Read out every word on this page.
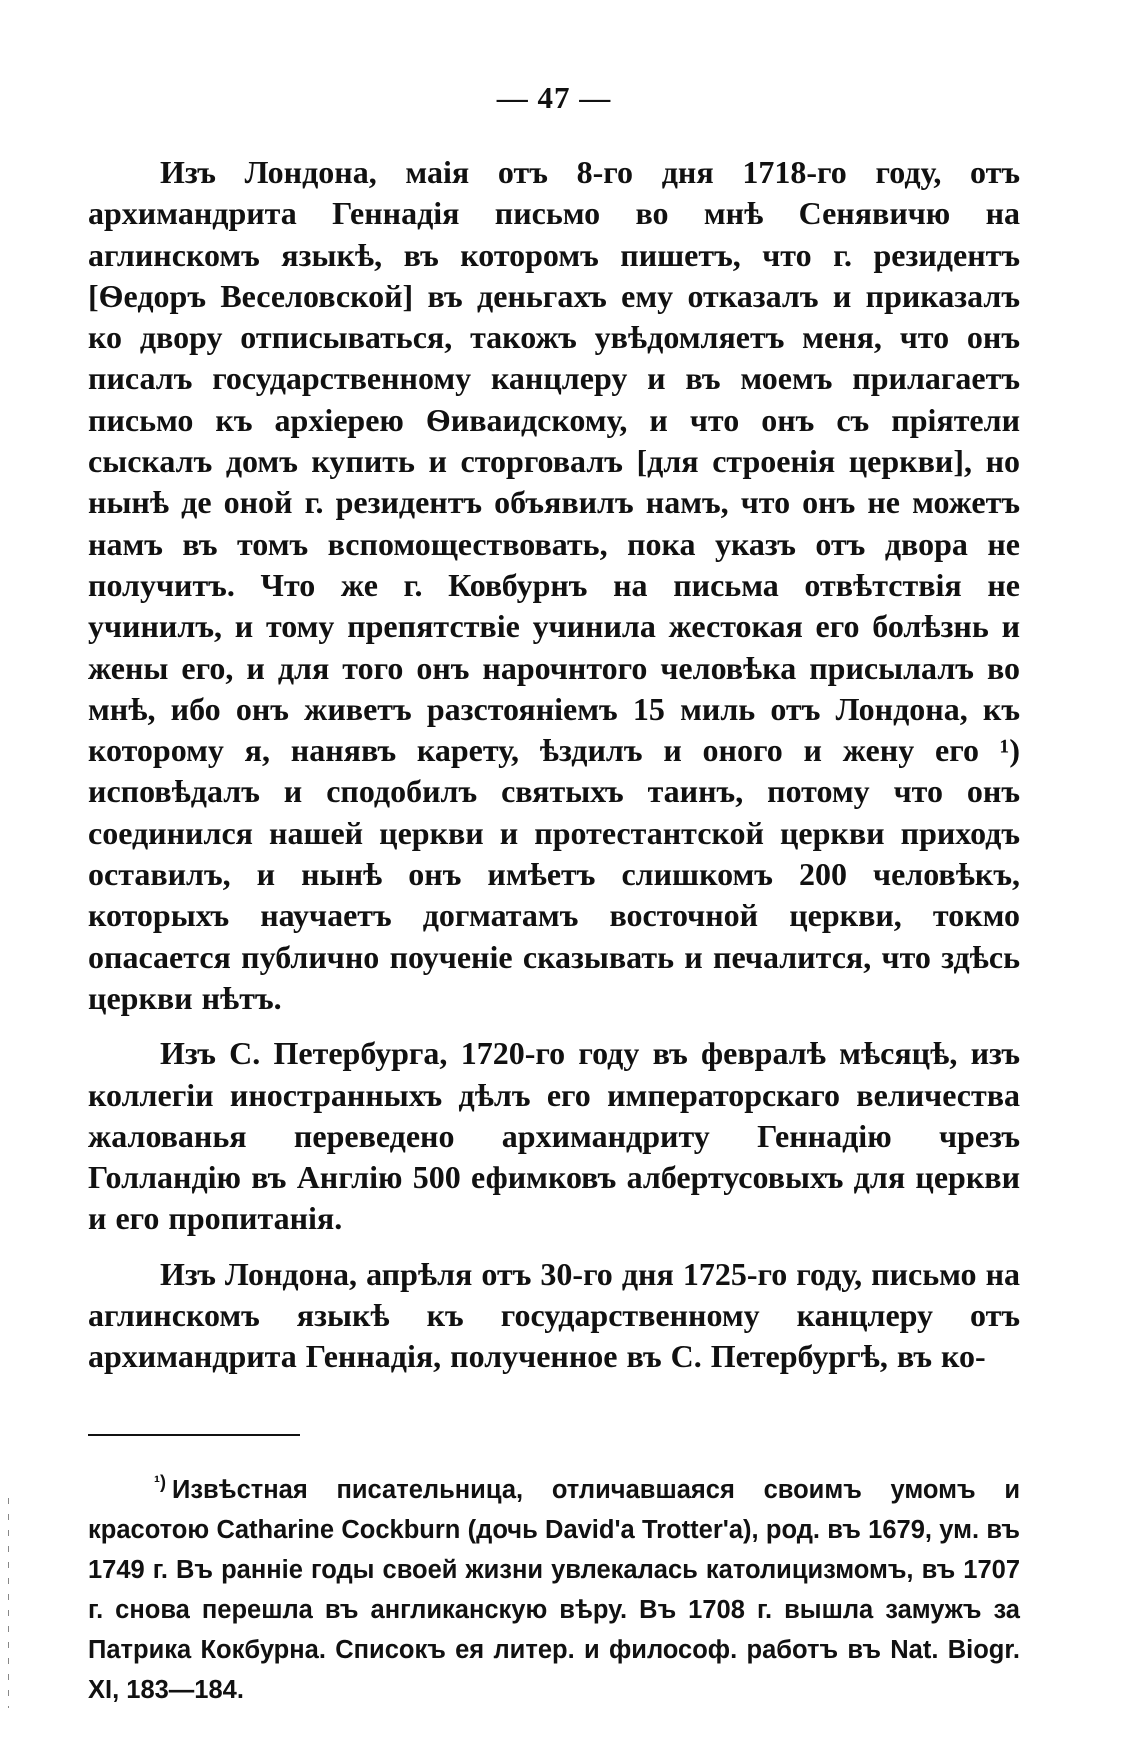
— 47 —

Изъ Лондона, маія отъ 8-го дня 1718-го году, отъ архимандрита Геннадія письмо во мнѣ Сенявичю на аглинскомъ языкѣ, въ которомъ пишетъ, что г. резидентъ [Ѳедоръ Веселовской] въ деньгахъ ему отказалъ и приказалъ ко двору отписываться, такожъ увѣдомляетъ меня, что онъ писалъ государственному канцлеру и въ моемъ прилагаетъ письмо къ архіерею Ѳиваидскому, и что онъ съ пріятели сыскалъ домъ купить и сторговалъ [для строенія церкви], но нынѣ де оной г. резидентъ объявилъ намъ, что онъ не можетъ намъ въ томъ вспомоществовать, пока указъ отъ двора не получитъ. Что же г. Ковбурнъ на письма отвѣтствія не учинилъ, и тому препятствіе учинила жестокая его болѣзнь и жены его, и для того онъ нарочнтого человѣка присылалъ во мнѣ, ибо онъ живетъ разстояніемъ 15 миль отъ Лондона, къ которому я, нанявъ карету, ѣздилъ и оного и жену его ¹) исповѣдалъ и сподобилъ святыхъ таинъ, потому что онъ соединился нашей церкви и протестантской церкви приходъ оставилъ, и нынѣ онъ имѣетъ слишкомъ 200 человѣкъ, которыхъ научаетъ догматамъ восточной церкви, токмо опасается публично поученіе сказывать и печалится, что здѣсь церкви нѣтъ.

Изъ С. Петербурга, 1720-го году въ февралѣ мѣсяцѣ, изъ коллегіи иностранныхъ дѣлъ его императорскаго величества жалованья переведено архимандриту Геннадію чрезъ Голландію въ Англію 500 ефимковъ албертусовыхъ для церкви и его пропитанія.

Изъ Лондона, апрѣля отъ 30-го дня 1725-го году, письмо на аглинскомъ языкѣ къ государственному канцлеру отъ архимандрита Геннадія, полученное въ С. Петербургѣ, въ ко-

$^{^1)}$ Извѣстная писательница, отличавшаяся своимъ умомъ и красотою Catharine Cockburn (дочь David'a Trotter'a), род. въ 1679, ум. въ 1749 г. Въ ранніе годы своей жизни увлекалась католицизмомъ, въ 1707 г. снова перешла въ англиканскую вѣру. Въ 1708 г. вышла замужъ за Патрика Кокбурна. Списокъ ея литер. и философ. работъ въ Nat. Biogr. XI, 183—184.
